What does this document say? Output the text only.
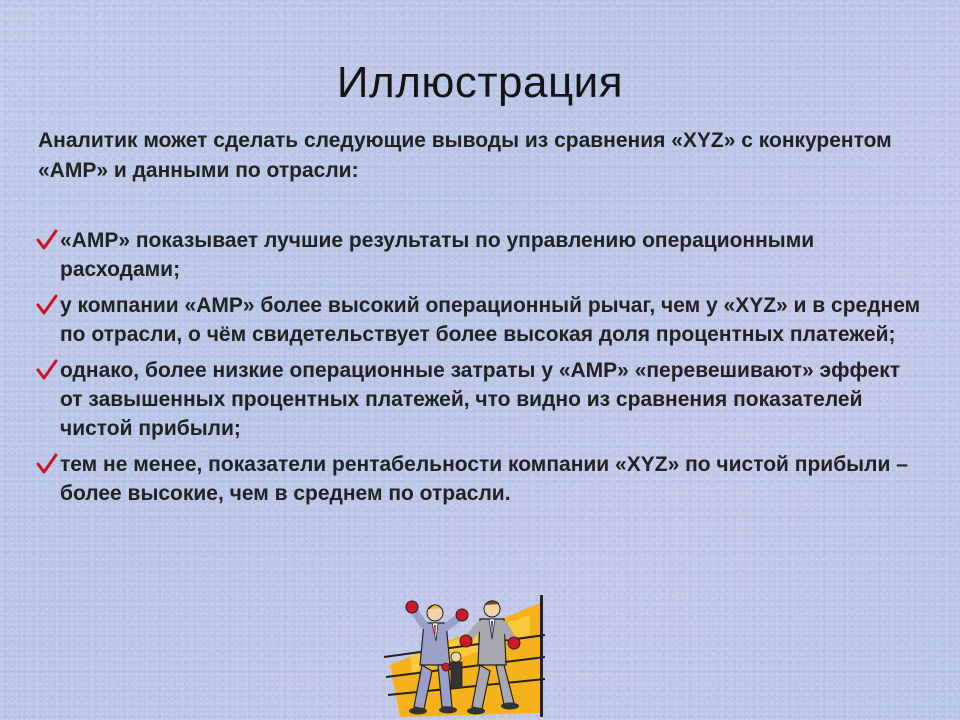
Иллюстрация
Аналитик может сделать следующие выводы из сравнения «XYZ» с конкурентом «АМР» и данными по отрасли:
«АМР» показывает лучшие результаты по управлению операционными расходами;
у компании «АМР» более высокий операционный рычаг, чем у «XYZ» и в среднем по отрасли, о чём свидетельствует более высокая доля процентных платежей;
однако, более низкие операционные затраты у «АМР» «перевешивают» эффект от завышенных процентных платежей, что видно из сравнения показателей чистой прибыли;
тем не менее, показатели рентабельности компании «XYZ» по чистой прибыли – более высокие, чем в среднем по отрасли.
